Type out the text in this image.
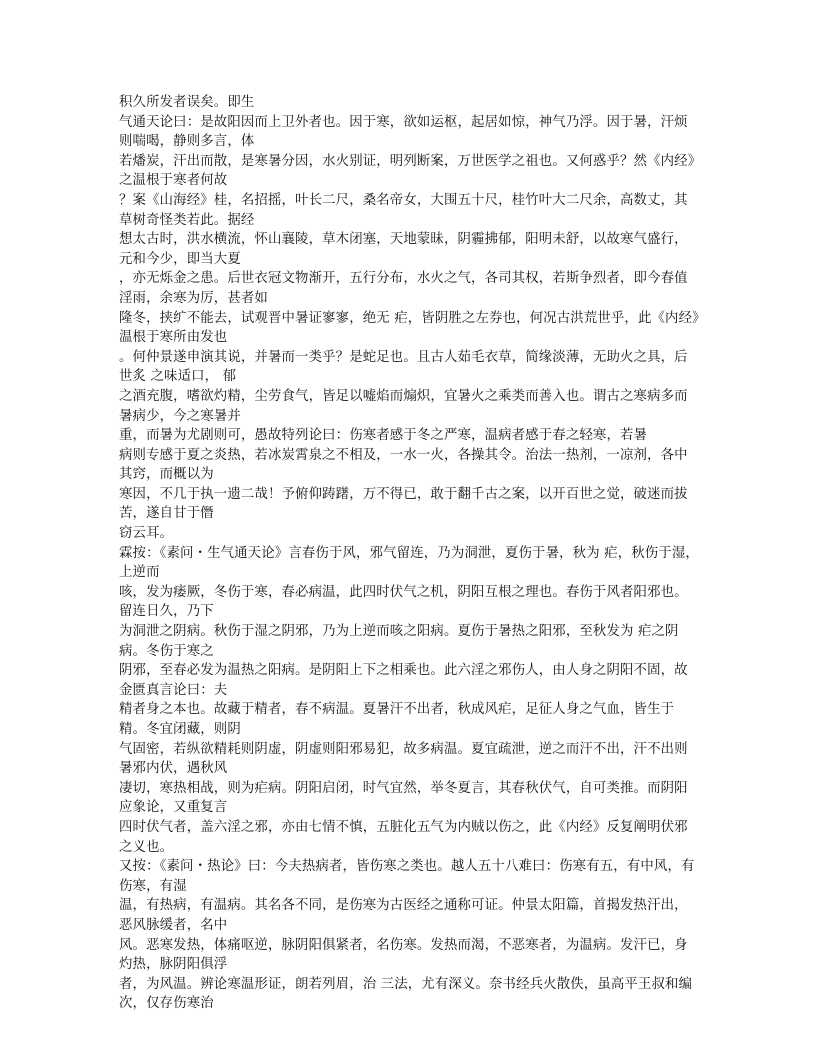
积久所发者误矣。即生

气通天论曰：是故阳因而上卫外者也。因于寒，欲如运枢，起居如惊，神气乃浮。因于暑，汗烦则喘喝，静则多言，体

若燔炭，汗出而散，是寒暑分因，水火别证，明列断案，万世医学之祖也。又何惑乎？然《内经》之温根于寒者何故

？案《山海经》桂，名招摇，叶长二尺，桑名帝女，大围五十尺，桂竹叶大二尺余，高数丈，其草树奇怪类若此。据经

想太古时，洪水横流，怀山襄陵，草木闭塞，天地蒙昧，阴霾拂郁，阳明未舒，以故寒气盛行，元和今少，即当大夏

，亦无烁金之患。后世衣冠文物渐开，五行分布，水火之气，各司其权，若斯争烈者，即今春值淫雨，余寒为厉，甚者如

隆冬，挟纩不能去，试观晋中暑证寥寥，绝无 疟，皆阴胜之左券也，何况古洪荒世乎，此《内经》温根于寒所由发也

。何仲景遂申演其说，并暑而一类乎？是蛇足也。且古人茹毛衣草，简缘淡薄，无助火之具，后世炙 之味适口， 郁

之酒充腹，嗜欲灼精，尘劳食气，皆足以嘘焰而煽炽，宜暑火之乘类而善入也。谓古之寒病多而暑病少，今之寒暑并

重，而暑为尤剧则可，愚故特列论曰：伤寒者感于冬之严寒，温病者感于春之轻寒，若暑

病则专感于夏之炎热，若冰炭霄泉之不相及，一水一火，各操其令。治法一热剂，一凉剂，各中其窍，而概以为

寒因，不几于执一遗二哉！予俯仰踌躇，万不得已，敢于翻千古之案，以开百世之觉，破迷而拔苦，遂自甘于僭

窃云耳。

霖按：《素问・生气通天论》言春伤于风，邪气留连，乃为洞泄，夏伤于暑，秋为 疟，秋伤于湿，上逆而

咳，发为痿厥，冬伤于寒，春必病温，此四时伏气之机，阴阳互根之理也。春伤于风者阳邪也。留连日久，乃下

为洞泄之阴病。秋伤于湿之阴邪，乃为上逆而咳之阳病。夏伤于暑热之阳邪，至秋发为 疟之阴病。冬伤于寒之

阴邪，至春必发为温热之阳病。是阴阳上下之相乘也。此六淫之邪伤人，由人身之阴阳不固，故金匮真言论曰：夫

精者身之本也。故藏于精者，春不病温。夏暑汗不出者，秋成风疟，足征人身之气血，皆生于精。冬宜闭藏，则阴

气固密，若纵欲精耗则阴虚，阴虚则阳邪易犯，故多病温。夏宜疏泄，逆之而汗不出，汗不出则暑邪内伏，遇秋风

凄切，寒热相战，则为疟病。阴阳启闭，时气宜然，举冬夏言，其春秋伏气，自可类推。而阴阳应象论，又重复言

四时伏气者，盖六淫之邪，亦由七情不慎，五脏化五气为内贼以伤之，此《内经》反复阐明伏邪之义也。

又按：《素问・热论》曰：今夫热病者，皆伤寒之类也。越人五十八难曰：伤寒有五，有中风，有伤寒，有湿

温，有热病，有温病。其名各不同，是伤寒为古医经之通称可证。仲景太阳篇，首揭发热汗出，恶风脉缓者，名中

风。恶寒发热，体痛呕逆，脉阴阳俱紧者，名伤寒。发热而渴，不恶寒者，为温病。发汗已，身灼热，脉阴阳俱浮

者，为风温。辨论寒温形证，朗若列眉，治 三法，尤有深义。奈书经兵火散佚，虽高平王叔和编次，仅存伤寒治
